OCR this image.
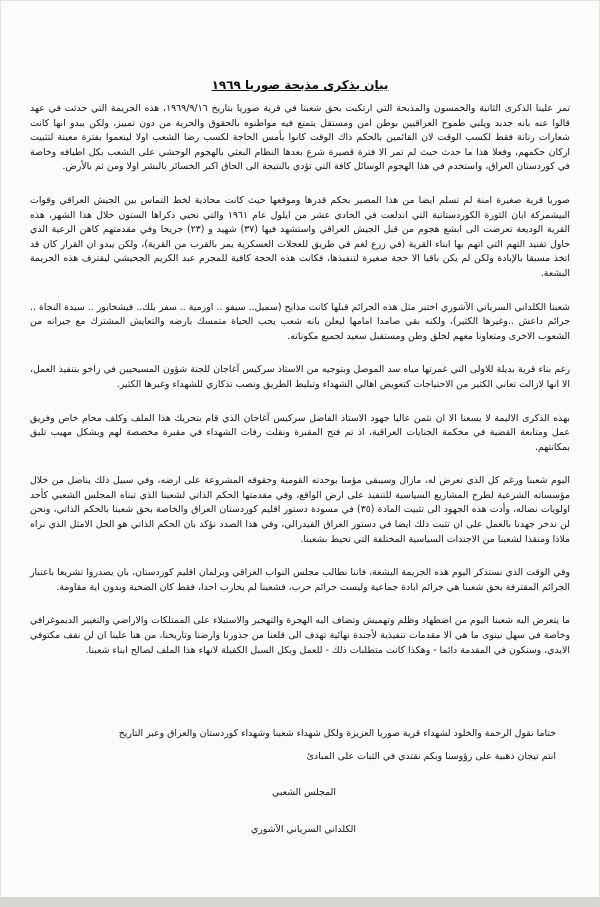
بيان بذكرى مذبحة صوريا ١٩٦٩

تمر علينا الذكرى الثانية والخمسون والمذبحة التي ارتكبت بحق شعبنا في قرية صوريا بتاريخ ١٩٦٩/٩/١٦، هذه الجريمة التي حدثت في عهد قالوا عنه بانه جديد ويلبي طموح العراقيين بوطن امن ومستقل يتمتع فيه مواطنوه بالحقوق والحرية من دون تمييز، ولكن يبدو انها كانت شعارات رنانة فقط لكسب الوقت لان القائمين بالحكم ذاك الوقت كانوا بأمس الحاجة لكسب رضا الشعب اولا لينعموا بفترة معينة لتثبيت اركان حكمهم، وفعلا هذا ما حدث حيث لم تمر الا فترة قصيرة شرع بعدها النظام البعثي بالهجوم الوحشي على الشعب بكل اطيافه وخاصة في كوردستان العراق، واستخدم في هذا الهجوم الوسائل كافة التي تؤدي بالنتيجة الى الحاق اكبر الخسائر بالبشر اولا ومن ثم بالأرض.

صوريا قرية صغيرة امنة لم تسلم ايضا من هذا المصير بحكم قدرها وموقعها حيث كانت محاذية لخط التماس بين الجيش العراقي وقوات البيشمركة ابان الثورة الكوردستانية التي اندلعت في الحادي عشر من ايلول عام ١٩٦١ والتي نحيي ذكراها الستون خلال هذا الشهر، هذه القرية الوديعة تعرضت الى ابشع هجوم من قبل الجيش العراقي واستشهد فيها (٣٧) شهيد و (٢٣) جريحا وفي مقدمتهم كاهن الرعية الذي حاول تفنيد التهم التي اتهم بها ابناء القرية (في زرع لغم في طريق للعجلات العسكرية يمر بالقرب من القرية)، ولكن يبدو ان القرار كان قد اتخذ مسبقا بالإبادة ولكن لم يكن باقيا الا حجة صغيرة لتنفيذها، فكانت هذه الحجة كافية للمجرم عبد الكريم الجحيشي ليقترف هذه الجريمة البشعة.

شعبنا الكلداني السرياني الآشوري اختبر مثل هذه الجرائم قبلها كانت مذابح (سميل.. سيفو .. اورمية .. سفر بلك.. فيشخابور .. سيدة النجاة .. جرائم داعش ..وغيرها الكثير)، ولكنه بقي صامدا امامها ليعلن بانه شعب يحب الحياة متمسك بارضه والتعايش المشترك مع جيرانه من الشعوب الاخرى ومتعاونا معهم لخلق وطن ومستقبل سعيد لجميع مكوناته.

رغم بناء قرية بديلة للاولى التي غمرتها مياه سد الموصل وبتوجيه من الاستاذ سركيس آغاجان للجنة شؤون المسيحيين في زاخو بتنفيذ العمل، الا انها لازالت تعاني الكثير من الاحتياجات كتعويض اهالي الشهداء وتبليط الطريق ونصب تذكاري للشهداء وغيرها الكثير.

بهذه الذكرى الاليمة لا يسعنا الا ان نثمن عاليا جهود الاستاذ الفاضل سركيس آغاجان الذي قام بتحريك هذا الملف وكلف محام خاص وفريق عمل ومتابعة القضية في محكمة الجنايات العراقية، اذ تم فتح المقبرة ونقلت رفات الشهداء في مقبرة مخصصة لهم وبشكل مهيب تليق بمكانتهم.

اليوم شعبنا ورغم كل الذي تعرض له، مازال وسيبقى مؤمنا بوحدته القومية وحقوقه المشروعة على ارضه، وفي سبيل ذلك يناضل من خلال مؤسساته الشرعية لطرح المشاريع السياسية للتنفيذ على ارض الواقع، وفي مقدمتها الحكم الذاتي لشعبنا الذي تبناه المجلس الشعبي كأحد اولويات نضاله، وأدت هذه الجهود الى تثبيت المادة (٣٥) في مسودة دستور اقليم كوردستان العراق والخاصة بحق شعبنا بالحكم الذاتي، ونحن لن ندخر جهدنا بالعمل على ان تثبت ذلك ايضا في دستور العراق الفيدرالي، وفي هذا الصدد نؤكد بان الحكم الذاتي هو الحل الامثل الذي نراه ملاذا ومنقذا لشعبنا من الاجندات السياسية المختلفة التي تحيط بشعبنا.

وفي الوقت الذي نستذكر اليوم هذه الجريمة البشعة، فاننا نطالب مجلس النواب العراقي وبرلمان اقليم كوردستان، بان يصدروا تشريعا باعتبار الجرائم المقترفة بحق شعبنا هي جرائم ابادة جماعية وليست جرائم حرب، فشعبنا لم يحارب احدا، فقط كان الضحية وبدون اية مقاومة.

ما يتعرض اليه شعبنا اليوم من اضطهاد وظلم وتهميش وتضاف اليه الهجرة والتهجير والاستيلاء على الممتلكات والاراضي والتغيير الديموغرافي وخاصة في سهل نينوى ما هي الا مقدمات تنفيذية لأجندة نهائية تهدف الى قلعنا من جذورنا وارضنا وتاريخنا، من هنا علينا ان لن نقف مكتوفي الايدي، وسنكون في المقدمة دائما - وهكذا كانت متطلبات ذلك - للعمل وبكل السبل الكفيلة لانهاء هذا الملف لصالح ابناء شعبنا.

ختاما نقول الرحمة والخلود لشهداء قرية صوريا العزيزة ولكل شهداء شعبنا وشهداء كوردستان والعراق وعبر التاريخ
انتم تيجان ذهبية على رؤوسنا وبكم نقتدي في الثبات على المبادئ
المجلس الشعبي
الكلداني السرياني الآشوري
